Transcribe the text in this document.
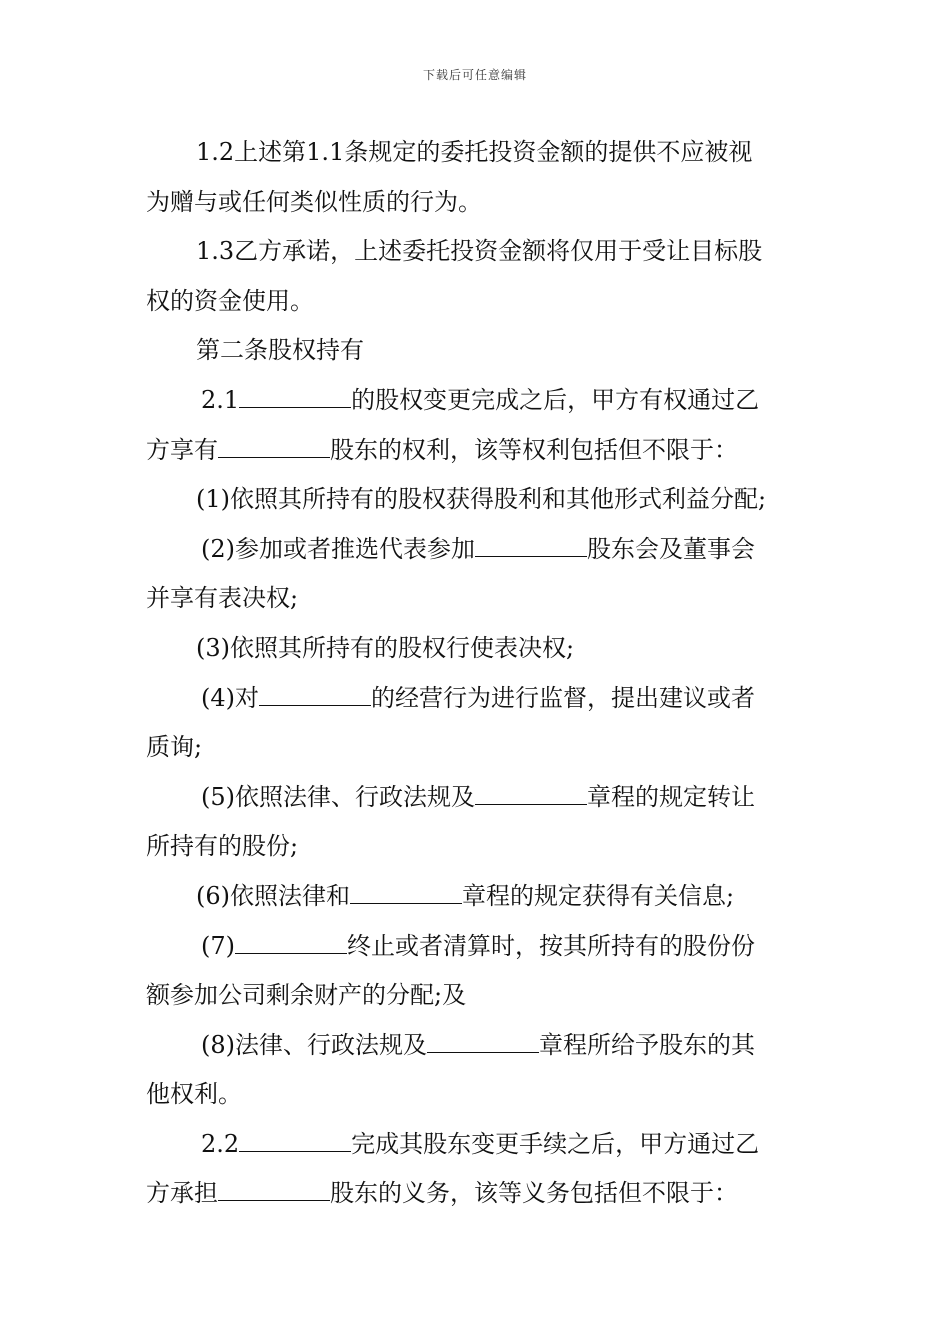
下载后可任意编辑
1.2上述第1.1条规定的委托投资金额的提供不应被视
为赠与或任何类似性质的行为。
1.3乙方承诺，上述委托投资金额将仅用于受让目标股
权的资金使用。
第二条股权持有
2.1	的股权变更完成之后，甲方有权通过乙
方享有	股东的权利，该等权利包括但不限于：
(1)依照其所持有的股权获得股利和其他形式利益分配;
(2)参加或者推选代表参加	股东会及董事会
并享有表决权;
(3)依照其所持有的股权行使表决权;
(4)对	的经营行为进行监督，提出建议或者
质询;
(5)依照法律、行政法规及	章程的规定转让
所持有的股份;
(6)依照法律和	章程的规定获得有关信息;
(7)	终止或者清算时，按其所持有的股份份
额参加公司剩余财产的分配;及
(8)法律、行政法规及	章程所给予股东的其
他权利。
2.2	完成其股东变更手续之后，甲方通过乙
方承担	股东的义务，该等义务包括但不限于：
